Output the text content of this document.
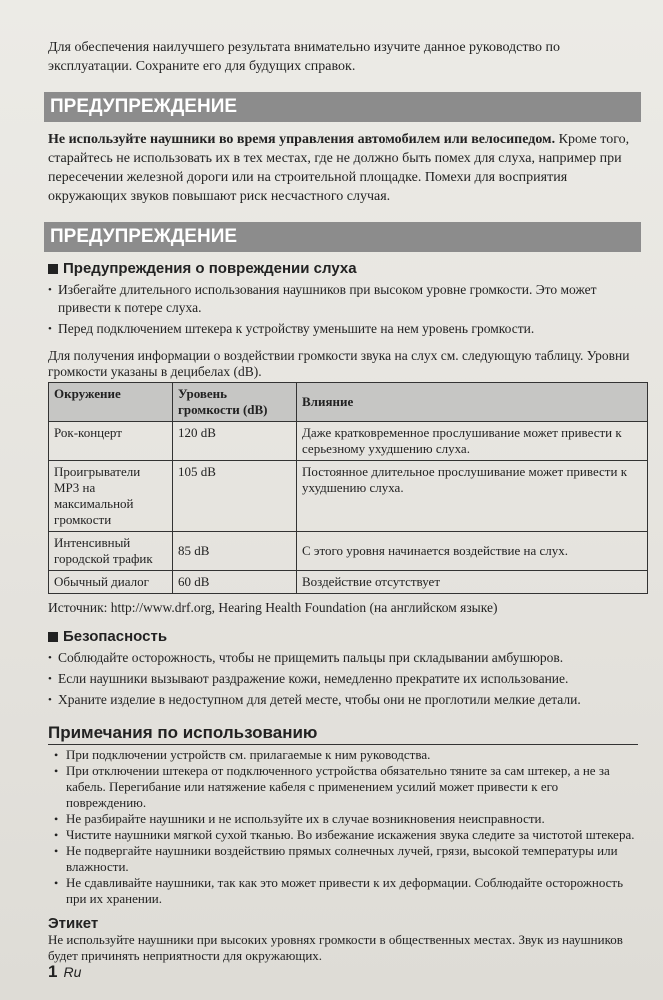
Для обеспечения наилучшего результата внимательно изучите данное руководство по эксплуатации. Сохраните его для будущих справок.

ПРЕДУПРЕЖДЕНИЕ

Не используйте наушники во время управления автомобилем или велосипедом. Кроме того, старайтесь не использовать их в тех местах, где не должно быть помех для слуха, например при пересечении железной дороги или на строительной площадке. Помехи для восприятия окружающих звуков повышают риск несчастного случая.

ПРЕДУПРЕЖДЕНИЕ
Предупреждения о повреждении слуха
• Избегайте длительного использования наушников при высоком уровне громкости. Это может привести к потере слуха.
• Перед подключением штекера к устройству уменьшите на нем уровень громкости.

Для получения информации о воздействии громкости звука на слух см. следующую таблицу. Уровни громкости указаны в децибелах (dB).

Окружение	Уровень громкости (dB)	Влияние
Рок-концерт	120 dB	Даже кратковременное прослушивание может привести к серьезному ухудшению слуха.
Проигрыватели MP3 на максимальной громкости	105 dB	Постоянное длительное прослушивание может привести к ухудшению слуха.
Интенсивный городской трафик	85 dB	С этого уровня начинается воздействие на слух.
Обычный диалог	60 dB	Воздействие отсутствует

Источник: http://www.drf.org, Hearing Health Foundation (на английском языке)

Безопасность
• Соблюдайте осторожность, чтобы не прищемить пальцы при складывании амбушюров.
• Если наушники вызывают раздражение кожи, немедленно прекратите их использование.
• Храните изделие в недоступном для детей месте, чтобы они не проглотили мелкие детали.
Примечания по использованию
• При подключении устройств см. прилагаемые к ним руководства.
• При отключении штекера от подключенного устройства обязательно тяните за сам штекер, а не за кабель. Перегибание или натяжение кабеля с применением усилий может привести к его повреждению.
• Не разбирайте наушники и не используйте их в случае возникновения неисправности.
• Чистите наушники мягкой сухой тканью. Во избежание искажения звука следите за чистотой штекера.
• Не подвергайте наушники воздействию прямых солнечных лучей, грязи, высокой температуры или влажности.
• Не сдавливайте наушники, так как это может привести к их деформации. Соблюдайте осторожность при их хранении.
Этикет

Не используйте наушники при высоких уровнях громкости в общественных местах. Звук из наушников будет причинять неприятности для окружающих.

1 Ru
